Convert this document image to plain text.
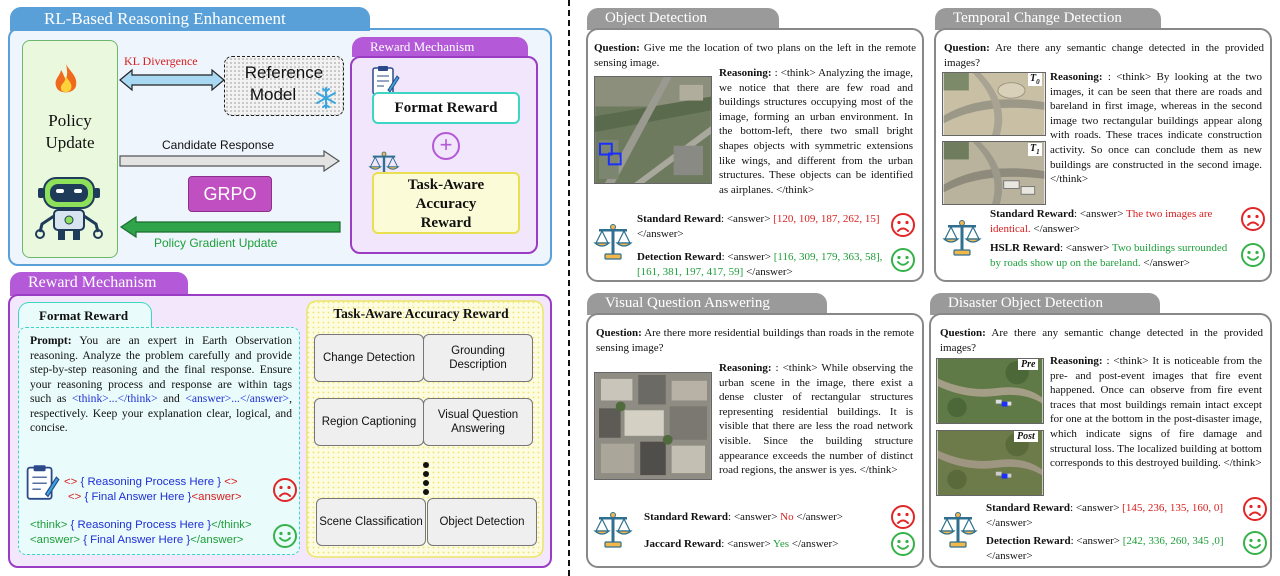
RL-Based Reasoning Enhancement
Policy
Update
KL Divergence
Reference
Model
Candidate Response
GRPO
Policy Gradient Update
Reward Mechanism
Format Reward
+
Task-Aware
Accuracy
Reward
Reward Mechanism
Format Reward
Prompt: You are an expert in Earth Observation reasoning. Analyze the problem carefully and provide step-by-step reasoning and the final response. Ensure your reasoning process and response are within tags such as <think>...</think> and <answer>...</answer>, respectively. Keep your explanation clear, logical, and concise.
<> { Reasoning Process Here } <>
<> { Final Answer Here }<answer>
<think> { Reasoning Process Here }</think>
<answer> { Final Answer Here }</answer>
Task-Aware Accuracy Reward
Change Detection
Grounding Description
Region Captioning
Visual Question Answering
Scene Classification	Object Detection
Object Detection
Question: Give me the location of two plans on the left in the remote sensing image.
Reasoning: : <think> Analyzing the image, we notice that there are few road and buildings structures occupying most of the image, forming an urban environment. In the bottom-left, there two small bright shapes objects with symmetric extensions like wings, and different from the urban structures. These objects can be identified as airplanes. </think>
Standard Reward: <answer> [120, 109, 187, 262, 15] </answer>
Detection Reward: <answer> [116, 309, 179, 363, 58], [161, 381, 197, 417, 59] </answer>
Temporal Change Detection
Question: Are there any semantic change detected in the provided images?
$T_0$
$T_1$
Reasoning: : <think> By looking at the two images, it can be seen that there are roads and bareland in first image, whereas in the second image two rectangular buildings appear along with roads. These traces indicate construction activity. So once can conclude them as new buildings are constructed in the second image. </think>
Standard Reward: <answer> The two images are identical. </answer>
HSLR Reward: <answer> Two buildings surrounded by roads show up on the bareland. </answer>
Visual Question Answering
Question: Are there more residential buildings than roads in the remote sensing image?
Reasoning: : <think> While observing the urban scene in the image, there exist a dense cluster of rectangular structures representing residential buildings. It is visible that there are less the road network visible. Since the building structure appearance exceeds the number of distinct road regions, the answer is yes. </think>
Standard Reward: <answer> No </answer>
Jaccard Reward: <answer> Yes </answer>
Disaster Object Detection
Question: Are there any semantic change detected in the provided images?
Pre
Post
Reasoning: : <think> It is noticeable from the pre- and post-event images that fire event happened. Once can observe from fire event traces that most buildings remain intact except for one at the bottom in the post-disaster image, which indicate signs of fire damage and structural loss. The localized building at bottom corresponds to this destroyed building. </think>
Standard Reward: <answer> [145, 236, 135, 160, 0] </answer>
Detection Reward: <answer> [242, 336, 260, 345 ,0] </answer>
